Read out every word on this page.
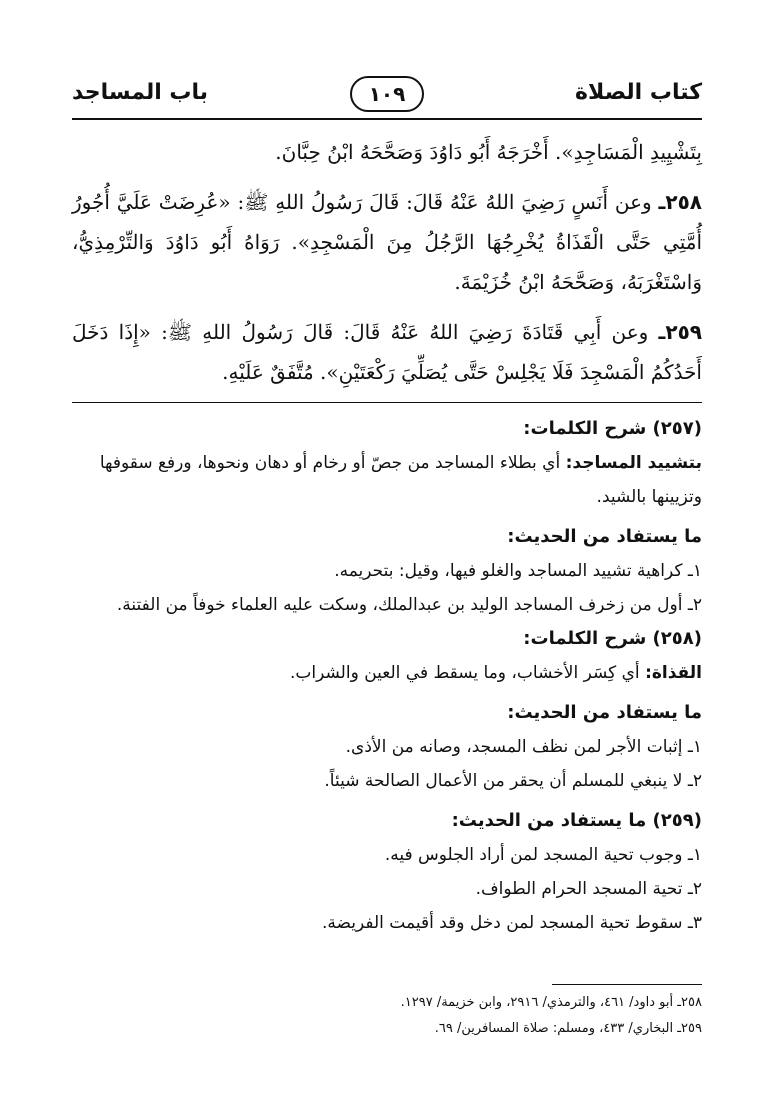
كتاب الصلاة
١٠٩
باب المساجد

بِتَشْيِيدِ الْمَسَاجِدِ». أَخْرَجَهُ أَبُو دَاوُدَ وَصَحَّحَهُ ابْنُ حِبَّانَ.

٢٥٨ـ وعن أَنَسٍ رَضِيَ اللهُ عَنْهُ قَالَ: قَالَ رَسُولُ اللهِ ﷺ: «عُرِضَتْ عَلَيَّ أُجُورُ أُمَّتِي حَتَّى الْقَذَاةُ يُخْرِجُهَا الرَّجُلُ مِنَ الْمَسْجِدِ». رَوَاهُ أَبُو دَاوُدَ وَالتِّرْمِذِيُّ، وَاسْتَغْرَبَهُ، وَصَحَّحَهُ ابْنُ خُزَيْمَةَ.

٢٥٩ـ وعن أَبِي قَتَادَةَ رَضِيَ اللهُ عَنْهُ قَالَ: قَالَ رَسُولُ اللهِ ﷺ: «إِذَا دَخَلَ أَحَدُكُمُ الْمَسْجِدَ فَلَا يَجْلِسْ حَتَّى يُصَلِّيَ رَكْعَتَيْنِ». مُتَّفَقٌ عَلَيْهِ.

(٢٥٧) شرح الكلمات:

بتشييد المساجد: أي بطلاء المساجد من جصّ أو رخام أو دهان ونحوها، ورفع سقوفها وتزيينها بالشيد.

ما يستفاد من الحديث:

١ـ كراهية تشييد المساجد والغلو فيها، وقيل: بتحريمه.

٢ـ أول من زخرف المساجد الوليد بن عبدالملك، وسكت عليه العلماء خوفاً من الفتنة.

(٢٥٨) شرح الكلمات:

القذاة: أي كِسَر الأخشاب، وما يسقط في العين والشراب.

ما يستفاد من الحديث:

١ـ إثبات الأجر لمن نظف المسجد، وصانه من الأذى.

٢ـ لا ينبغي للمسلم أن يحقر من الأعمال الصالحة شيئاً.

(٢٥٩) ما يستفاد من الحديث:

١ـ وجوب تحية المسجد لمن أراد الجلوس فيه.

٢ـ تحية المسجد الحرام الطواف.

٣ـ سقوط تحية المسجد لمن دخل وقد أقيمت الفريضة.

٢٥٨ـ أبو داود/ ٤٦١، والترمذي/ ٢٩١٦، وابن خزيمة/ ١٢٩٧.

٢٥٩ـ البخاري/ ٤٣٣، ومسلم: صلاة المسافرين/ ٦٩.
